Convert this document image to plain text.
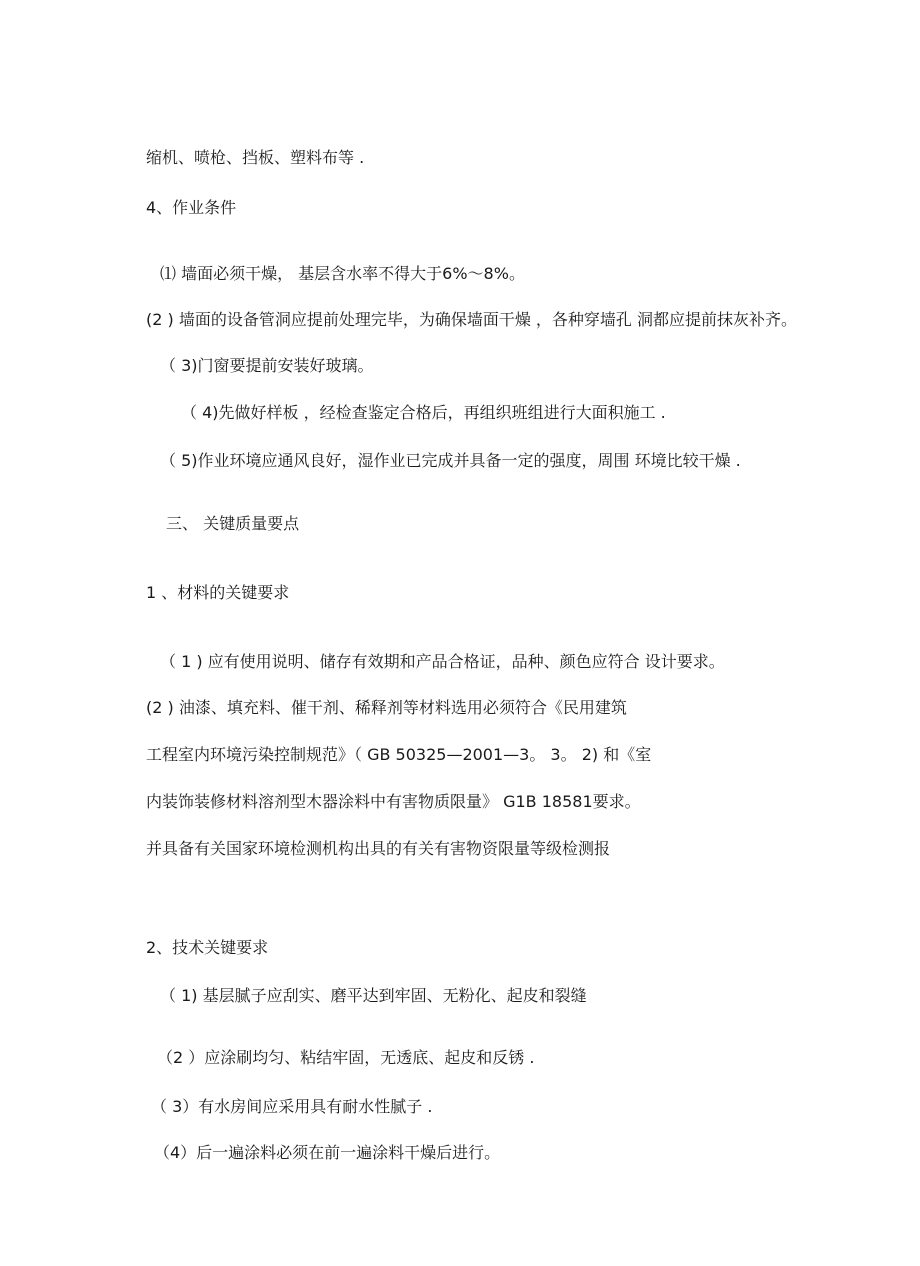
缩机、喷枪、挡板、塑料布等 .
4、作业条件
⑴ 墙面必须干燥， 基层含水率不得大于6%～8%。
(2 ) 墙面的设备管洞应提前处理完毕，为确保墙面干燥 ，各种穿墙孔 洞都应提前抹灰补齐。
（ 3)门窗要提前安装好玻璃。
（ 4)先做好样板 ，经检查鉴定合格后，再组织班组进行大面积施工 .
（ 5)作业环境应通风良好，湿作业已完成并具备一定的强度，周围 环境比较干燥 .
三、 关键质量要点
1 、材料的关键要求
（ 1 ) 应有使用说明、储存有效期和产品合格证，品种、颜色应符合 设计要求。
(2 ) 油漆、填充料、催干剂、稀释剂等材料选用必须符合《民用建筑
工程室内环境污染控制规范》（ GB 50325—2001—3。 3。 2) 和《室
内装饰装修材料溶剂型木器涂料中有害物质限量》 G1B 18581要求。
并具备有关国家环境检测机构出具的有关有害物资限量等级检测报
2、技术关键要求
（ 1) 基层腻子应刮实、磨平达到牢固、无粉化、起皮和裂缝
（2 ）应涂刷均匀、粘结牢固，无透底、起皮和反锈 .
（ 3）有水房间应采用具有耐水性腻子 .
（4）后一遍涂料必须在前一遍涂料干燥后进行。
